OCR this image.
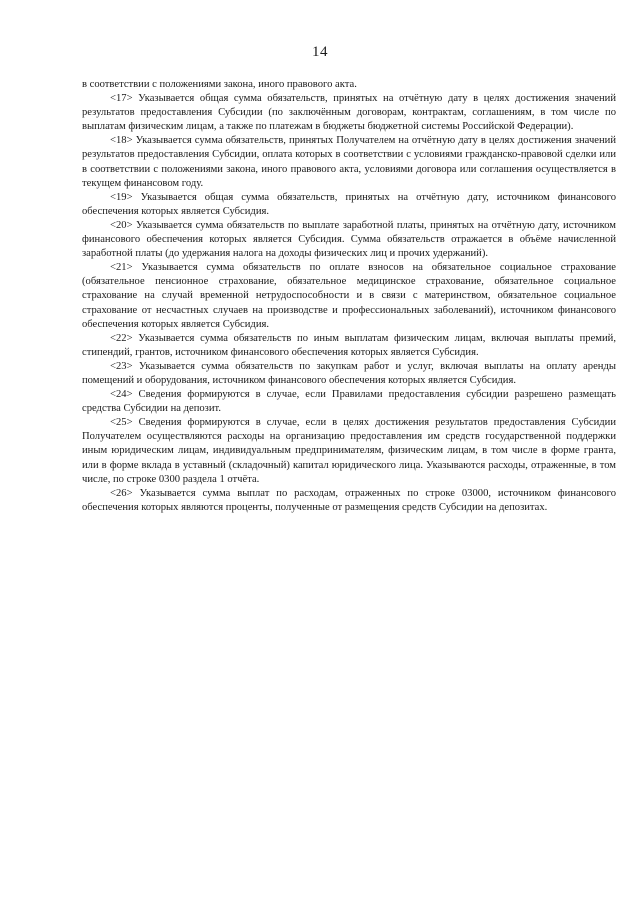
14

в соответствии с положениями закона, иного правового акта.

<17> Указывается общая сумма обязательств, принятых на отчётную дату в целях достижения значений результатов предоставления Субсидии (по заключённым договорам, контрактам, соглашениям, в том числе по выплатам физическим лицам, а также по платежам в бюджеты бюджетной системы Российской Федерации).

<18> Указывается сумма обязательств, принятых Получателем на отчётную дату в целях достижения значений результатов предоставления Субсидии, оплата которых в соответствии с условиями гражданско-правовой сделки или в соответствии с положениями закона, иного правового акта, условиями договора или соглашения осуществляется в текущем финансовом году.

<19> Указывается общая сумма обязательств, принятых на отчётную дату, источником финансового обеспечения которых является Субсидия.

<20> Указывается сумма обязательств по выплате заработной платы, принятых на отчётную дату, источником финансового обеспечения которых является Субсидия. Сумма обязательств отражается в объёме начисленной заработной платы (до удержания налога на доходы физических лиц и прочих удержаний).

<21> Указывается сумма обязательств по оплате взносов на обязательное социальное страхование (обязательное пенсионное страхование, обязательное медицинское страхование, обязательное социальное страхование на случай временной нетрудоспособности и в связи с материнством, обязательное социальное страхование от несчастных случаев на производстве и профессиональных заболеваний), источником финансового обеспечения которых является Субсидия.

<22> Указывается сумма обязательств по иным выплатам физическим лицам, включая выплаты премий, стипендий, грантов, источником финансового обеспечения которых является Субсидия.

<23> Указывается сумма обязательств по закупкам работ и услуг, включая выплаты на оплату аренды помещений и оборудования, источником финансового обеспечения которых является Субсидия.

<24> Сведения формируются в случае, если Правилами предоставления субсидии разрешено размещать средства Субсидии на депозит.

<25> Сведения формируются в случае, если в целях достижения результатов предоставления Субсидии Получателем осуществляются расходы на организацию предоставления им средств государственной поддержки иным юридическим лицам, индивидуальным предпринимателям, физическим лицам, в том числе в форме гранта, или в форме вклада в уставный (складочный) капитал юридического лица. Указываются расходы, отраженные, в том числе, по строке 0300 раздела 1 отчёта.

<26> Указывается сумма выплат по расходам, отраженных по строке 03000, источником финансового обеспечения которых являются проценты, полученные от размещения средств Субсидии на депозитах.
